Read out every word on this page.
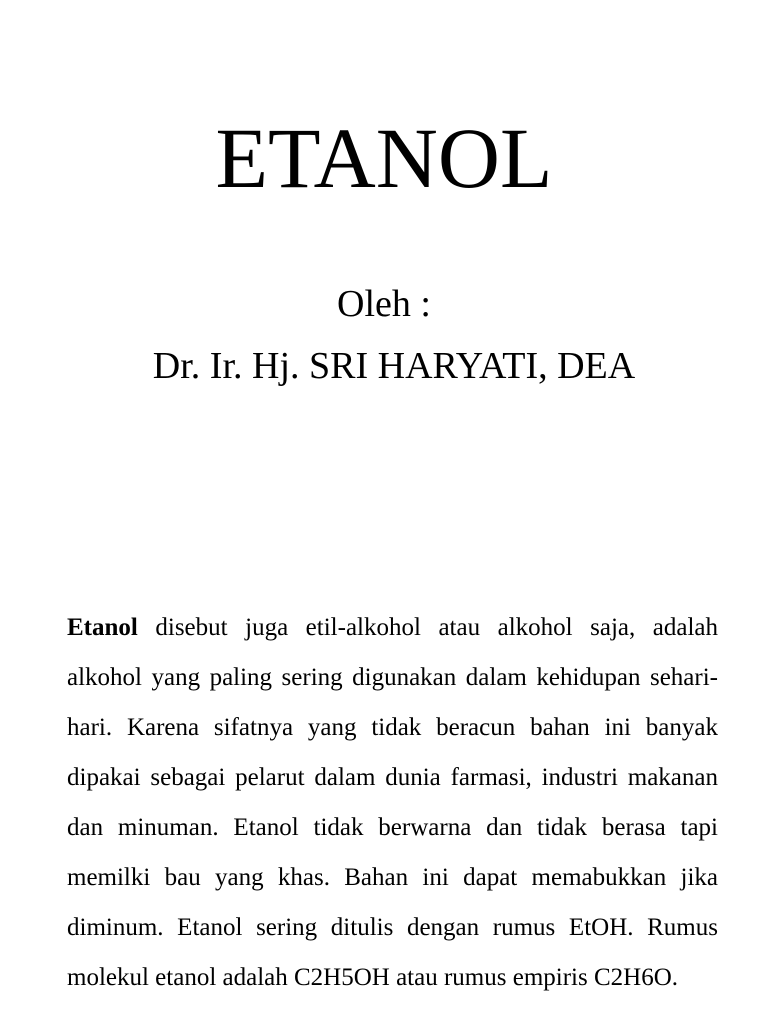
ETANOL

Oleh :

Dr. Ir. Hj. SRI HARYATI, DEA

Etanol disebut juga etil-alkohol atau alkohol saja, adalah alkohol yang paling sering digunakan dalam kehidupan sehari-hari. Karena sifatnya yang tidak beracun bahan ini banyak dipakai sebagai pelarut dalam dunia farmasi, industri makanan dan minuman. Etanol tidak berwarna dan tidak berasa tapi memilki bau yang khas. Bahan ini dapat memabukkan jika diminum. Etanol sering ditulis dengan rumus EtOH. Rumus molekul etanol adalah C2H5OH atau rumus empiris C2H6O.
